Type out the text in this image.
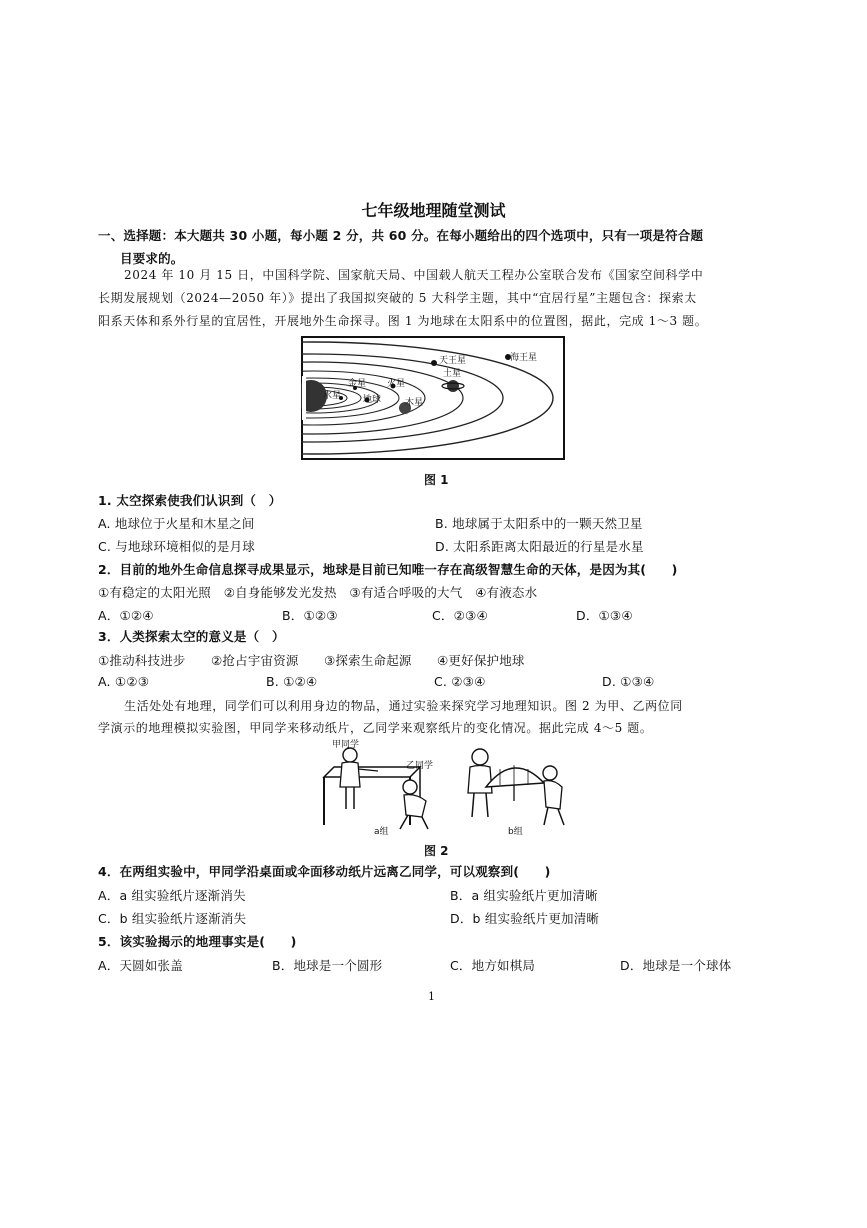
七年级地理随堂测试
一、选择题：本大题共 30 小题，每小题 2 分，共 60 分。在每小题给出的四个选项中，只有一项是符合题
目要求的。
2024 年 10 月 15 日，中国科学院、国家航天局、中国载人航天工程办公室联合发布《国家空间科学中
长期发展规划（2024—2050 年）》提出了我国拟突破的 5 大科学主题，其中“宜居行星”主题包含：探索太
阳系天体和系外行星的宜居性，开展地外生命探寻。图 1 为地球在太阳系中的位置图，据此，完成 1～3 题。
天王星	海王星
土星
火星
地球	木星
水星
金星
图 1
1. 太空探索使我们认识到（　）
A. 地球位于火星和木星之间	B. 地球属于太阳系中的一颗天然卫星
C. 与地球环境相似的是月球	D. 太阳系距离太阳最近的行星是水星
2．目前的地外生命信息探寻成果显示，地球是目前已知唯一存在高级智慧生命的天体，是因为其(　　)
①有稳定的太阳光照　②自身能够发光发热　③有适合呼吸的大气　④有液态水
A．①②④	B．①②③	C．②③④	D．①③④
3．人类探索太空的意义是（　）
①推动科技进步　　②抢占宇宙资源　　③探索生命起源　　④更好保护地球
A. ①②③	B. ①②④	C. ②③④	D. ①③④
生活处处有地理，同学们可以利用身边的物品，通过实验来探究学习地理知识。图 2 为甲、乙两位同
学演示的地理模拟实验图，甲同学来移动纸片，乙同学来观察纸片的变化情况。据此完成 4～5 题。
甲同学
乙同学
a组	b组
图 2
4．在两组实验中，甲同学沿桌面或伞面移动纸片远离乙同学，可以观察到(　　)
A．a 组实验纸片逐渐消失	B．a 组实验纸片更加清晰
C．b 组实验纸片逐渐消失	D．b 组实验纸片更加清晰
5．该实验揭示的地理事实是(　　)
A．天圆如张盖	B．地球是一个圆形	C．地方如棋局	D．地球是一个球体
1
